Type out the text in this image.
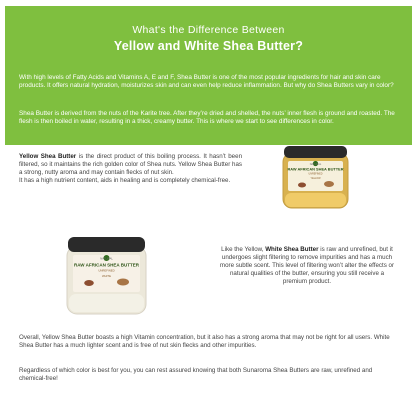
What's the Difference Between

Yellow and White Shea Butter?

With high levels of Fatty Acids and Vitamins A, E and F, Shea Butter is one of the most popular ingredients for hair and skin care products. It offers natural hydration, moisturizes skin and can even help reduce inflammation. But why do Shea Butters vary in color?

Shea Butter is derived from the nuts of the Karite tree. After they’re dried and shelled, the nuts’ inner flesh is ground and roasted. The flesh is then boiled in water, resulting in a thick, creamy butter. This is where we start to see differences in color.

Yellow Shea Butter is the direct product of this boiling process. It hasn’t been filtered, so it maintains the rich golden color of Shea nuts. Yellow Shea Butter has a strong, nutty aroma and may contain flecks of nut skin.
It has a high nutrient content, aids in healing and is completely chemical-free.
NATURAL
RAW AFRICAN SHEA BUTTER
UNREFINED
YELLOW
NATURAL
RAW AFRICAN SHEA BUTTER
UNREFINED
WHITE
Like the Yellow, White Shea Butter is raw and unrefined, but it undergoes slight filtering to remove impurities and has a much more subtle scent. This level of filtering won’t alter the effects or natural qualities of the butter, ensuring you still receive a premium product.

Overall, Yellow Shea Butter boasts a high Vitamin concentration, but it also has a strong aroma that may not be right for all users. White Shea Butter has a much lighter scent and is free of nut skin flecks and other impurities.

Regardless of which color is best for you, you can rest assured knowing that both Sunaroma Shea Butters are raw, unrefined and chemical-free!
